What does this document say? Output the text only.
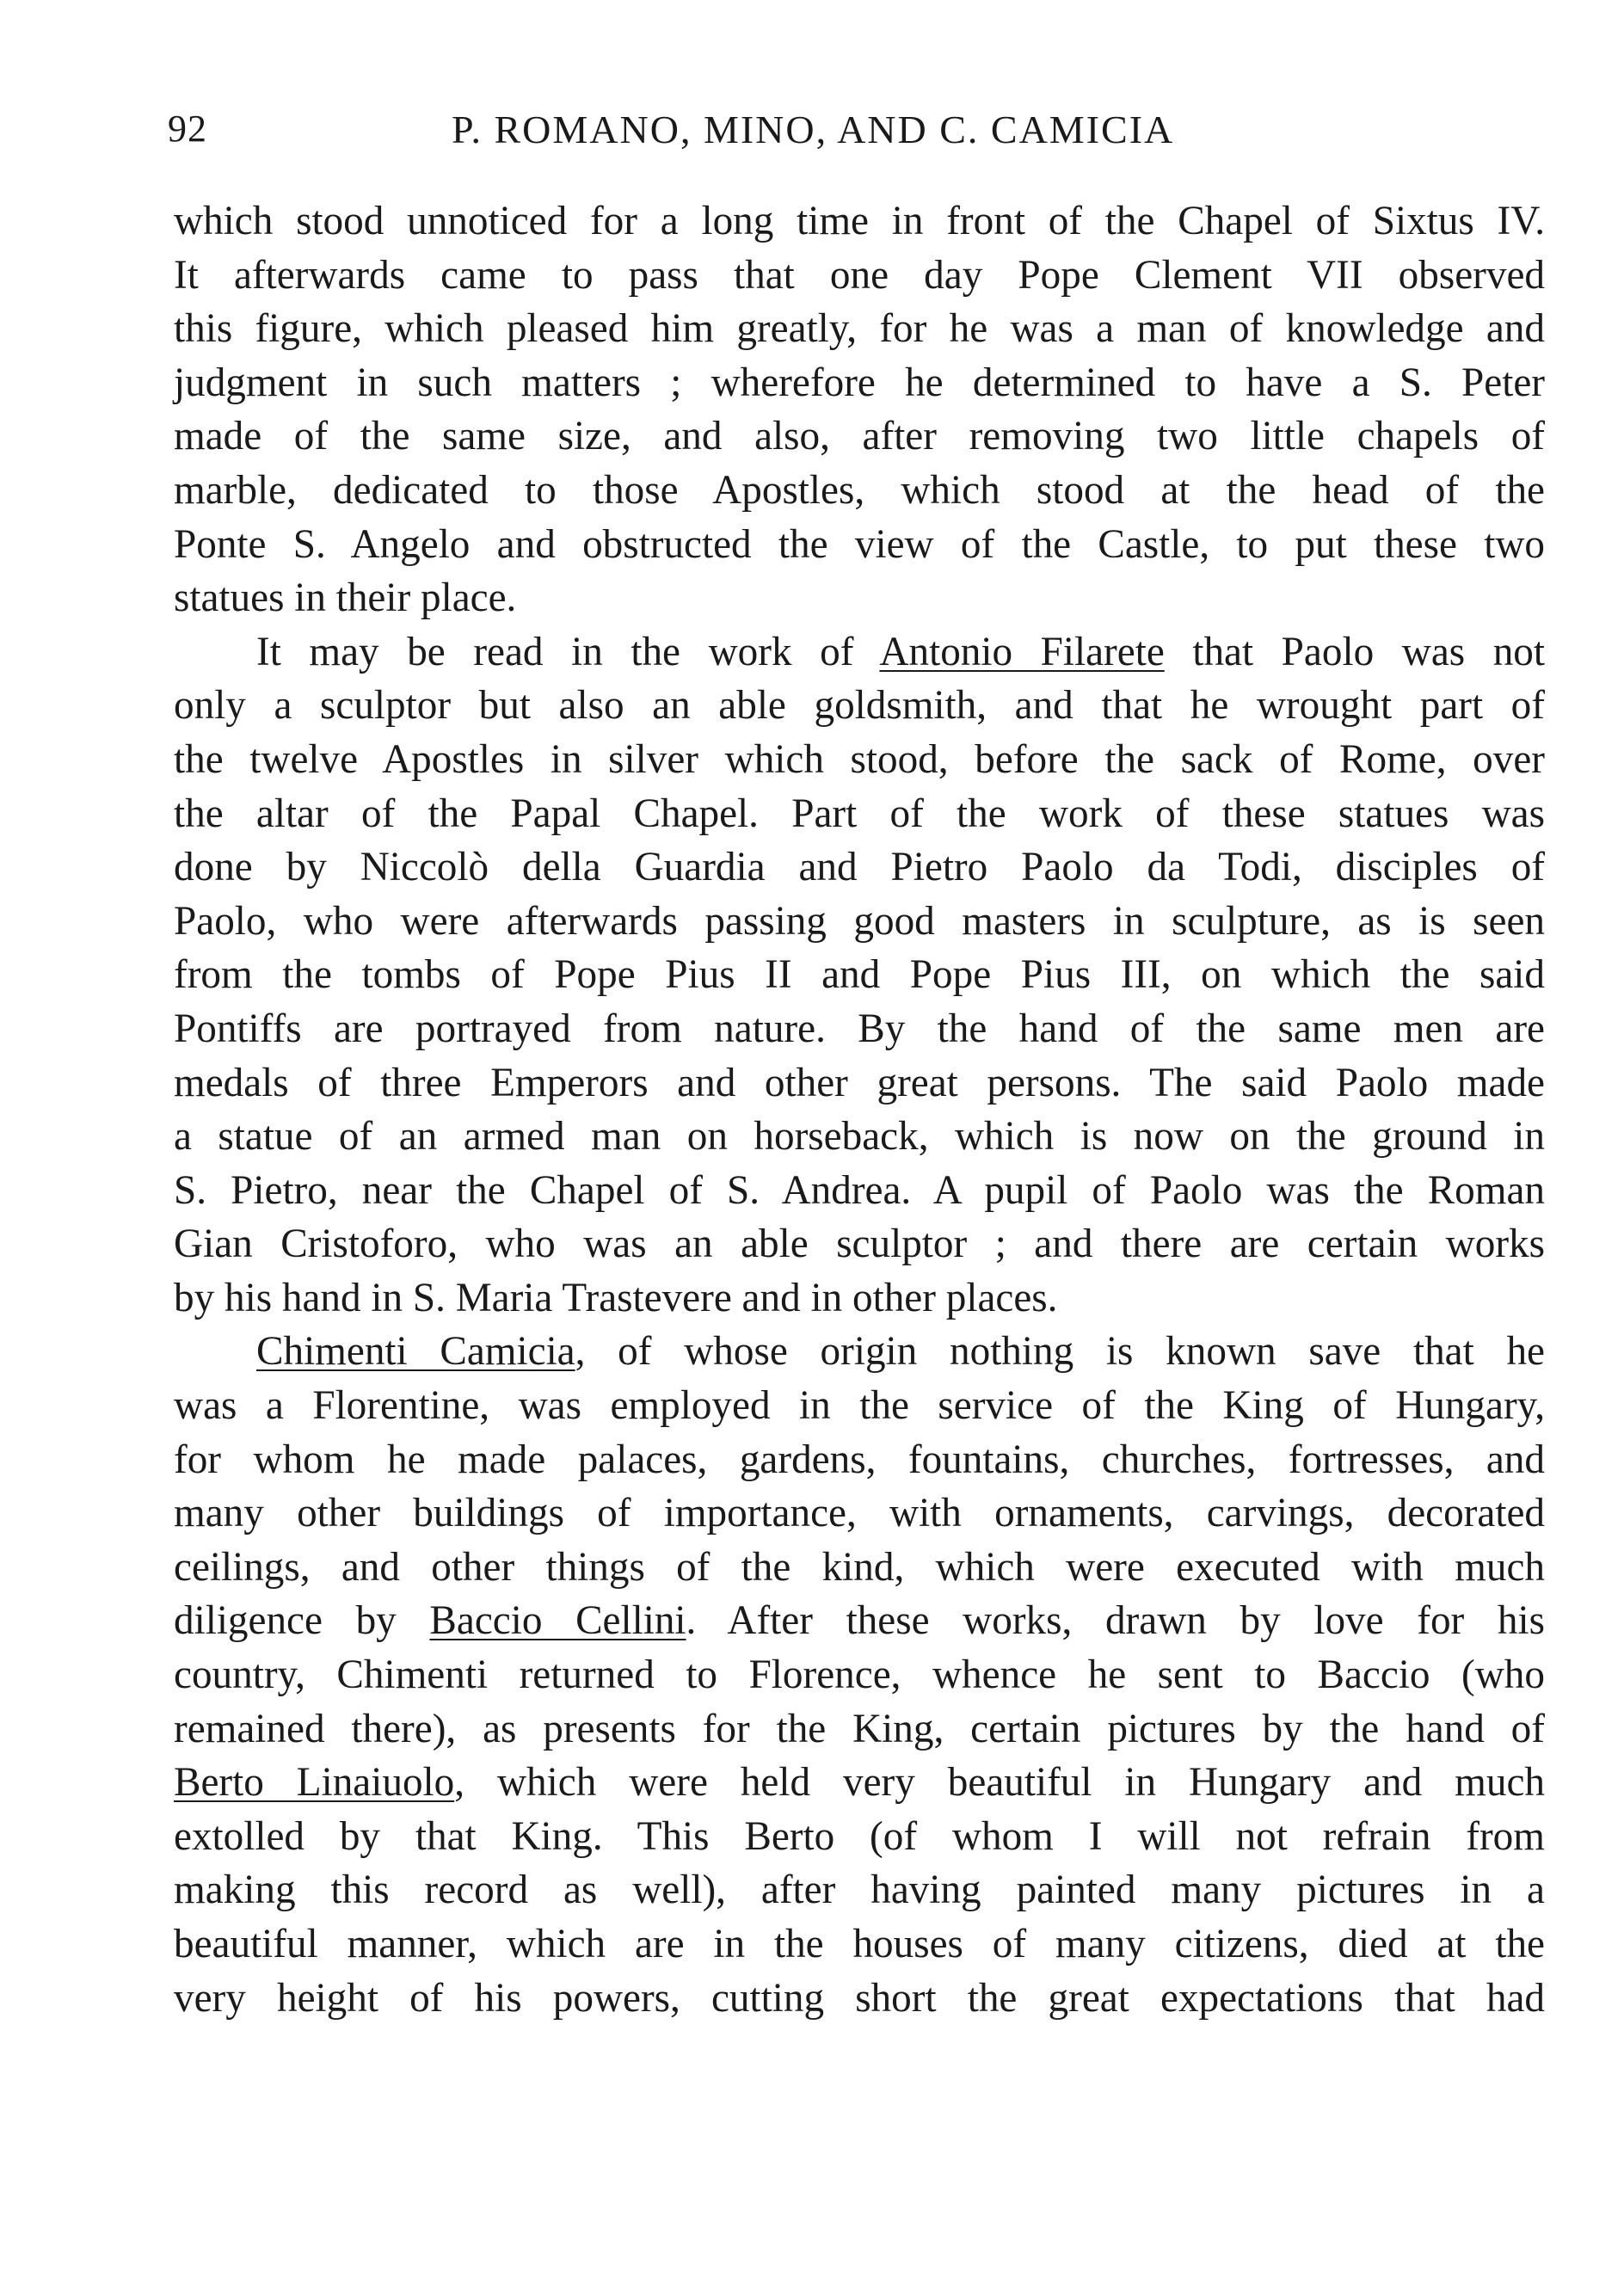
92	P. ROMANO, MINO, AND C. CAMICIA
which stood unnoticed for a long time in front of the Chapel of Sixtus IV.
It afterwards came to pass that one day Pope Clement VII observed
this figure, which pleased him greatly, for he was a man of knowledge and
judgment in such matters ; wherefore he determined to have a S. Peter
made of the same size, and also, after removing two little chapels of
marble, dedicated to those Apostles, which stood at the head of the
Ponte S. Angelo and obstructed the view of the Castle, to put these two
statues in their place.
It may be read in the work of Antonio Filarete that Paolo was not
only a sculptor but also an able goldsmith, and that he wrought part of
the twelve Apostles in silver which stood, before the sack of Rome, over
the altar of the Papal Chapel. Part of the work of these statues was
done by Niccolò della Guardia and Pietro Paolo da Todi, disciples of
Paolo, who were afterwards passing good masters in sculpture, as is seen
from the tombs of Pope Pius II and Pope Pius III, on which the said
Pontiffs are portrayed from nature. By the hand of the same men are
medals of three Emperors and other great persons. The said Paolo made
a statue of an armed man on horseback, which is now on the ground in
S. Pietro, near the Chapel of S. Andrea. A pupil of Paolo was the Roman
Gian Cristoforo, who was an able sculptor ; and there are certain works
by his hand in S. Maria Trastevere and in other places.
Chimenti Camicia, of whose origin nothing is known save that he
was a Florentine, was employed in the service of the King of Hungary,
for whom he made palaces, gardens, fountains, churches, fortresses, and
many other buildings of importance, with ornaments, carvings, decorated
ceilings, and other things of the kind, which were executed with much
diligence by Baccio Cellini. After these works, drawn by love for his
country, Chimenti returned to Florence, whence he sent to Baccio (who
remained there), as presents for the King, certain pictures by the hand of
Berto Linaiuolo, which were held very beautiful in Hungary and much
extolled by that King. This Berto (of whom I will not refrain from
making this record as well), after having painted many pictures in a
beautiful manner, which are in the houses of many citizens, died at the
very height of his powers, cutting short the great expectations that had
